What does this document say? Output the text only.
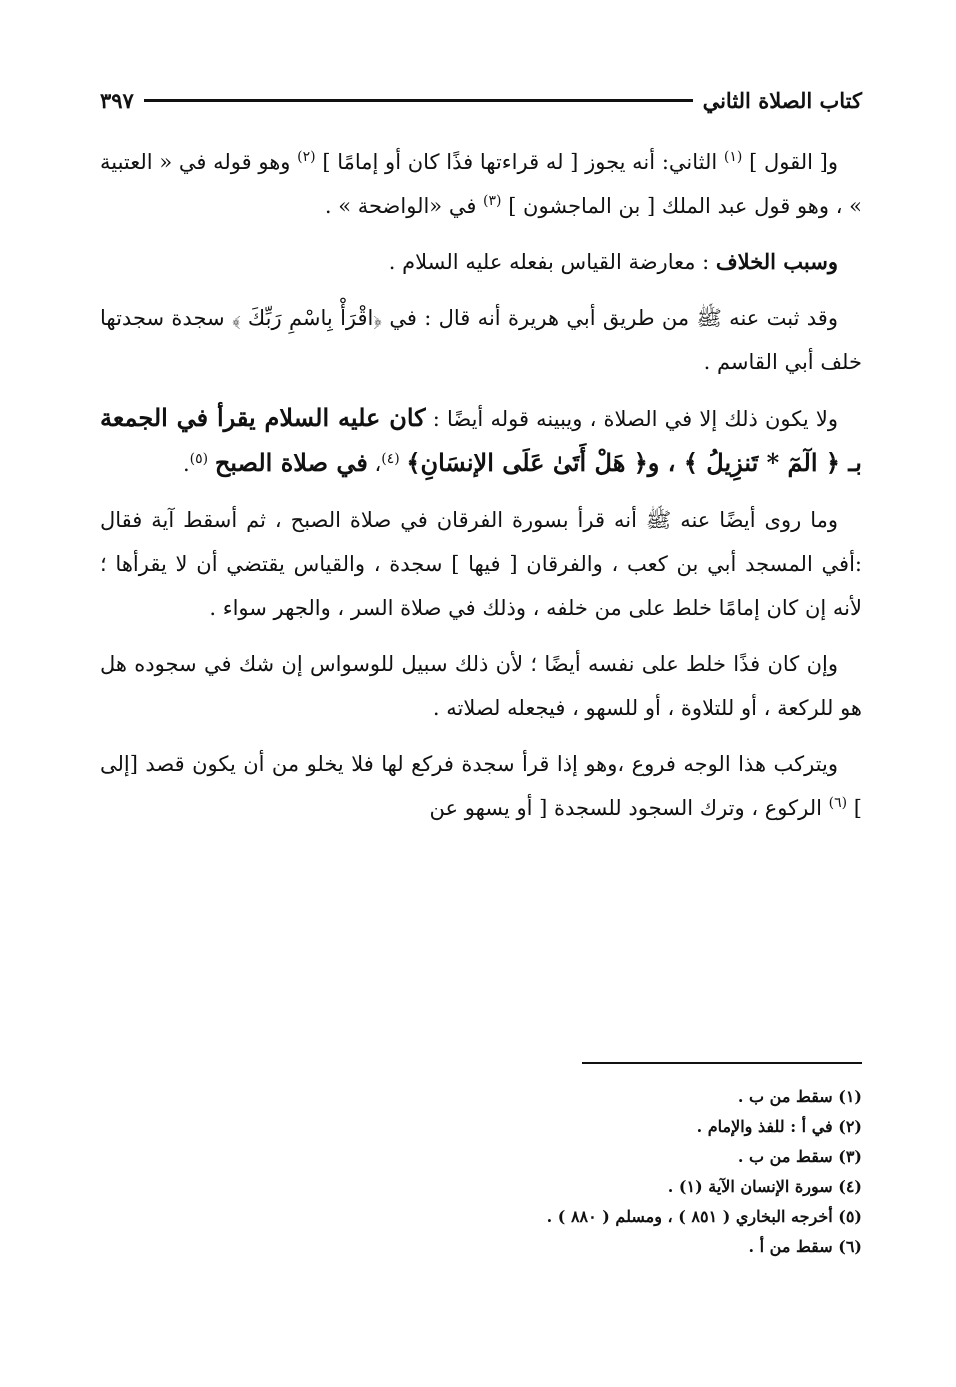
كتاب الصلاة الثاني
٣٩٧

و[ القول ] $^{(١)}$ الثاني: أنه يجوز [ له قراءتها فذًا كان أو إمامًا ] $^{(٢)}$ وهو قوله في « العتبية » ، وهو قول عبد الملك [ بن الماجشون ] $^{(٣)}$ في «الواضحة » .

وسبب الخلاف : معارضة القياس بفعله عليه السلام .

وقد ثبت عنه ﷺ من طريق أبي هريرة أنه قال : في ﴿اقْرَأْ بِاسْمِ رَبِّكَ ﴾ سجدة سجدتها خلف أبي القاسم .

ولا يكون ذلك إلا في الصلاة ، ويبينه قوله أيضًا : كان عليه السلام يقرأ في الجمعة بـ ﴿ الٓمٓ * تَنزِيلُ ﴾ ، و﴿ هَلْ أَتَىٰ عَلَى الإنسَانِ﴾ $^{(٤)}$، في صلاة الصبح $^{(٥)}$.

وما روى أيضًا عنه ﷺ أنه قرأ بسورة الفرقان في صلاة الصبح ، ثم أسقط آية فقال :أفي المسجد أبي بن كعب ، والفرقان [ فيها ] سجدة ، والقياس يقتضي أن لا يقرأها ؛ لأنه إن كان إمامًا خلط على من خلفه ، وذلك في صلاة السر ، والجهر سواء .

وإن كان فذًا خلط على نفسه أيضًا ؛ لأن ذلك سبيل للوسواس إن شك في سجوده هل هو للركعة ، أو للتلاوة ، أو للسهو ، فيجعله لصلاته .

ويتركب هذا الوجه فروع ،وهو إذا قرأ سجدة فركع لها فلا يخلو من أن يكون قصد [إلى ] $^{(٦)}$ الركوع ، وترك السجود للسجدة [ أو يسهو عن

(١) سقط من ب .

(٢) في أ : للفذ والإمام .

(٣) سقط من ب .

(٤) سورة الإنسان الآية (١) .

(٥) أخرجه البخاري ( ٨٥١ ) ، ومسلم ( ٨٨٠ ) .

(٦) سقط من أ .
